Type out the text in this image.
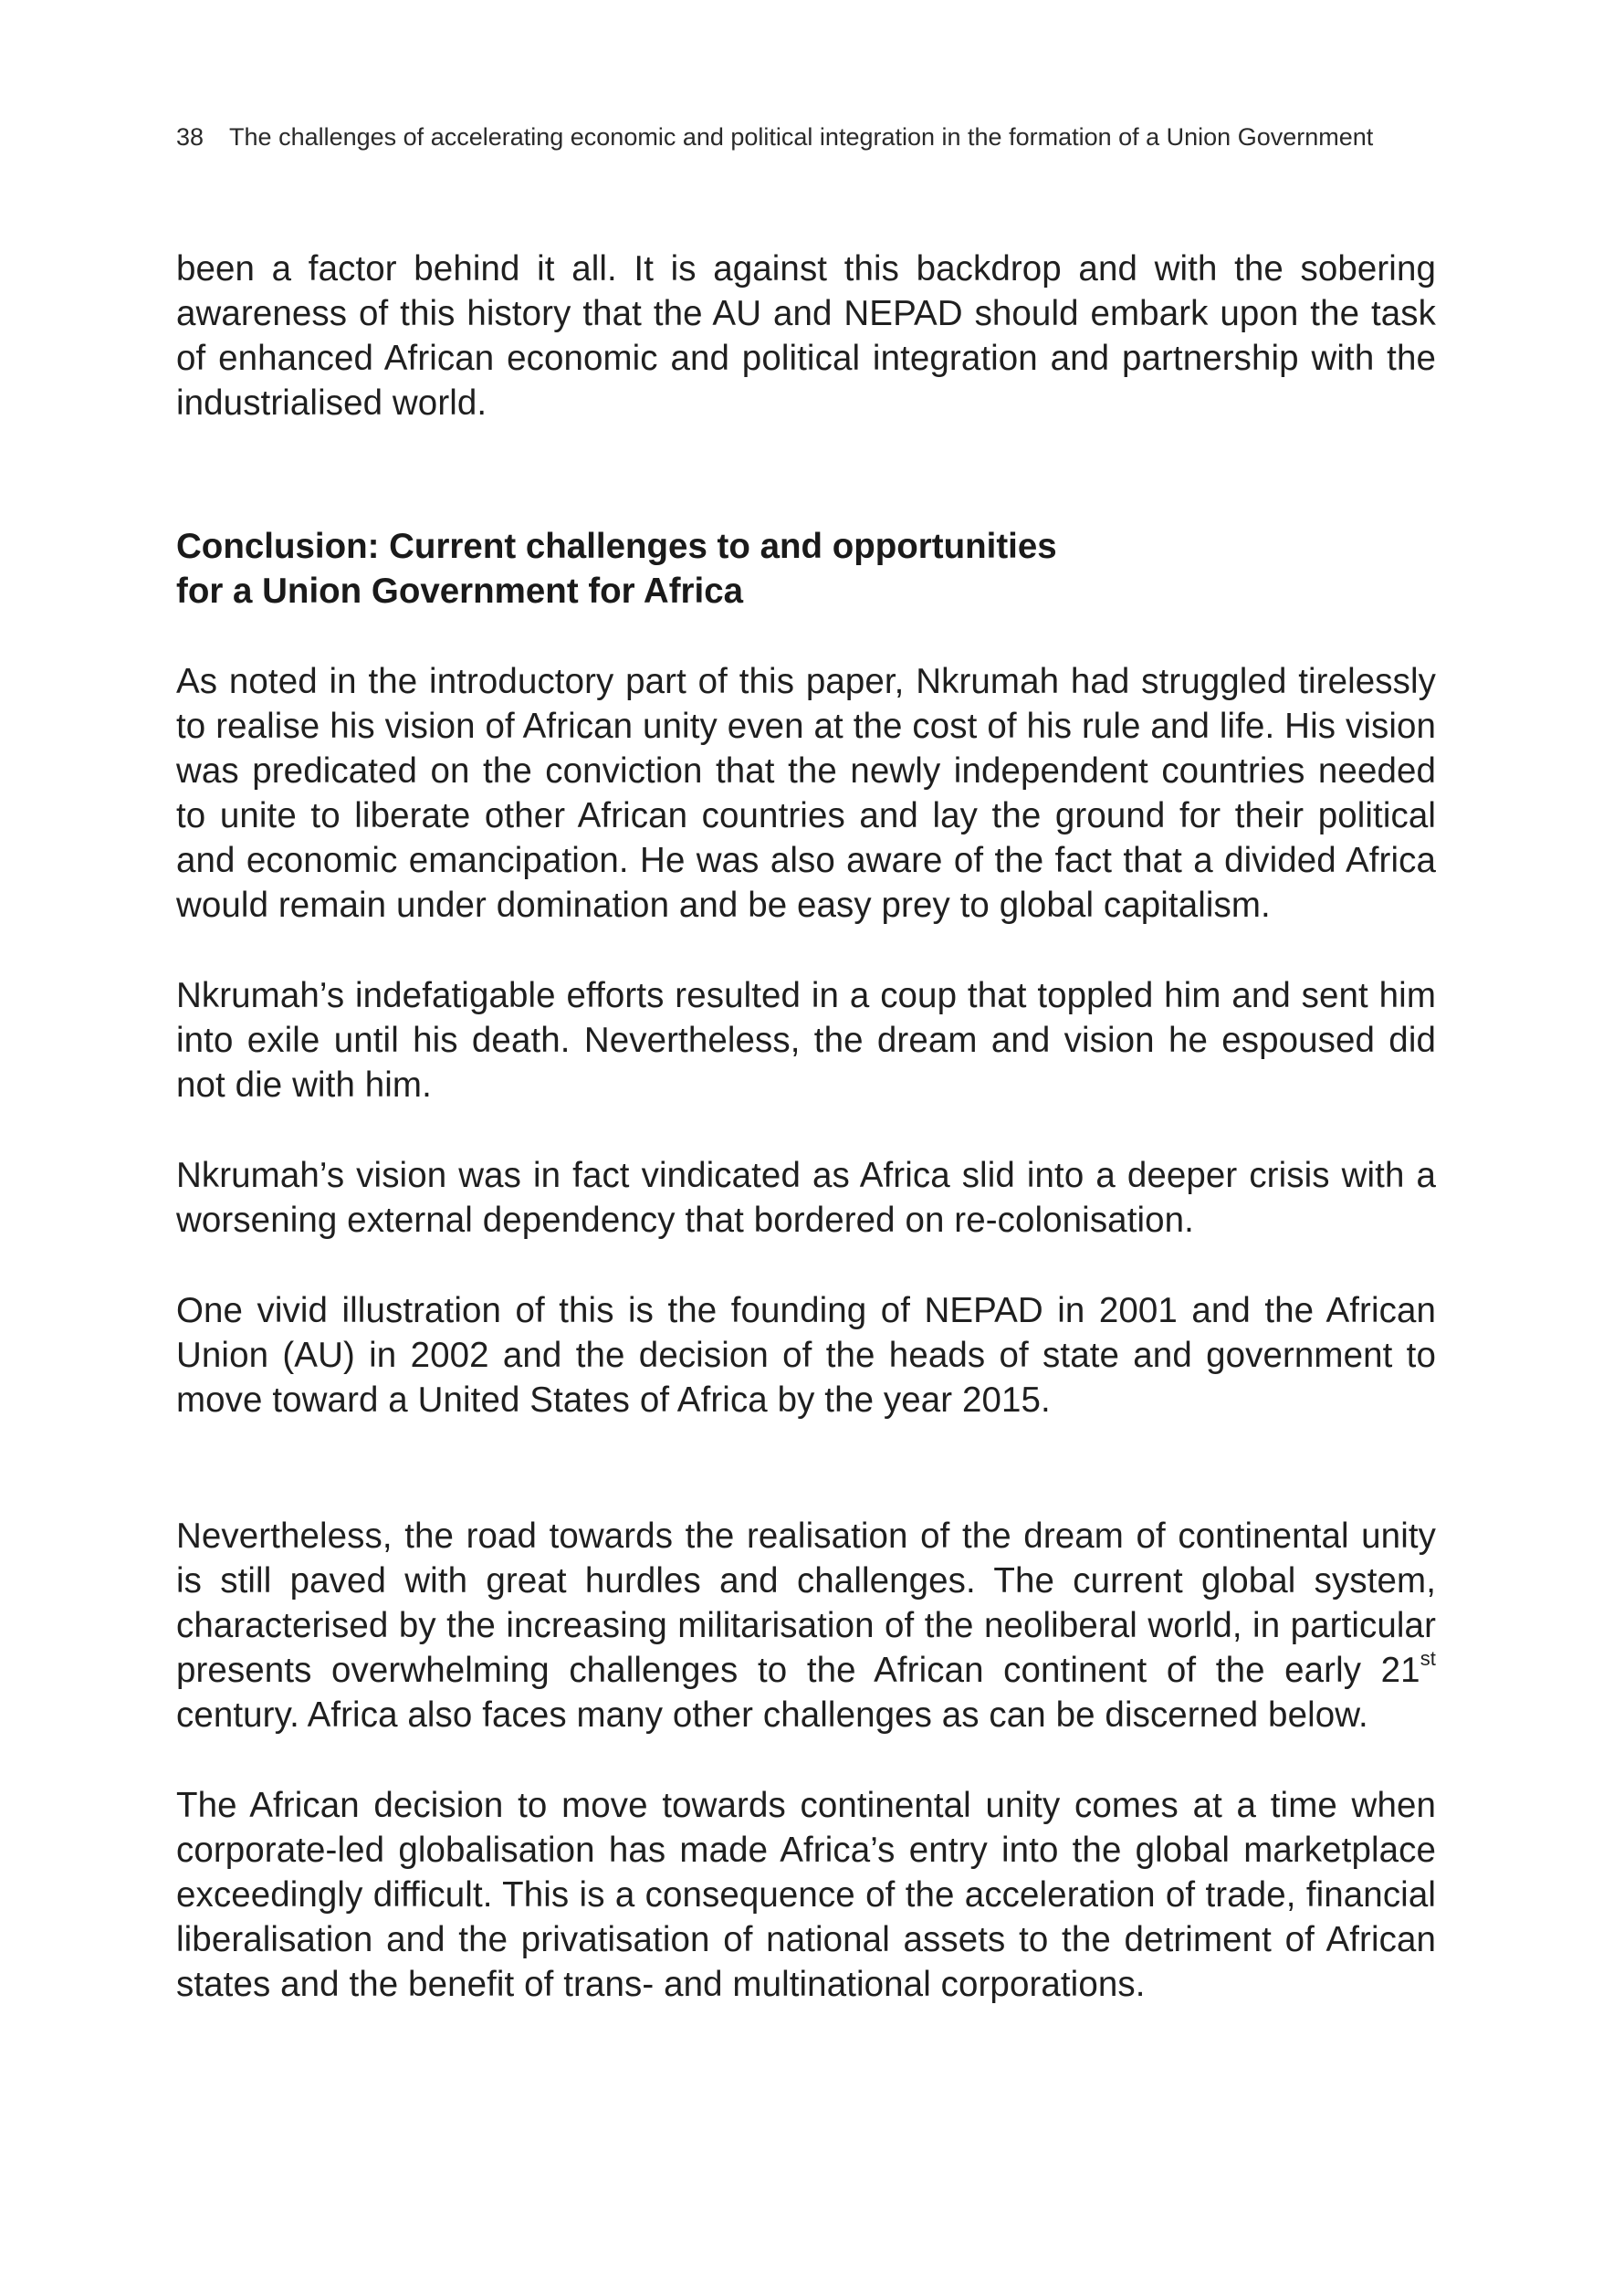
38 The challenges of accelerating economic and political integration in the formation of a Union Government

been a factor behind it all. It is against this backdrop and with the sobering awareness of this history that the AU and NEPAD should embark upon the task of enhanced African economic and political integration and partnership with the industrialised world.

Conclusion: Current challenges to and opportunities

for a Union Government for Africa

As noted in the introductory part of this paper, Nkrumah had struggled tirelessly to realise his vision of African unity even at the cost of his rule and life. His vision was predicated on the conviction that the newly independent countries needed to unite to liberate other African countries and lay the ground for their political and economic emancipation. He was also aware of the fact that a divided Africa would remain under domination and be easy prey to global capitalism.

Nkrumah’s indefatigable efforts resulted in a coup that toppled him and sent him into exile until his death. Nevertheless, the dream and vision he espoused did not die with him.

Nkrumah’s vision was in fact vindicated as Africa slid into a deeper crisis with a worsening external dependency that bordered on re-colonisation.

One vivid illustration of this is the founding of NEPAD in 2001 and the African Union (AU) in 2002 and the decision of the heads of state and government to move toward a United States of Africa by the year 2015.

Nevertheless, the road towards the realisation of the dream of continental unity is still paved with great hurdles and challenges. The current global system, characterised by the increasing militarisation of the neoliberal world, in particular presents overwhelming challenges to the African continent of the early 21st century. Africa also faces many other challenges as can be discerned below.

The African decision to move towards continental unity comes at a time when corporate-led globalisation has made Africa’s entry into the global marketplace exceedingly difficult. This is a consequence of the acceleration of trade, financial liberalisation and the privatisation of national assets to the detriment of African states and the benefit of trans- and multinational corporations.
